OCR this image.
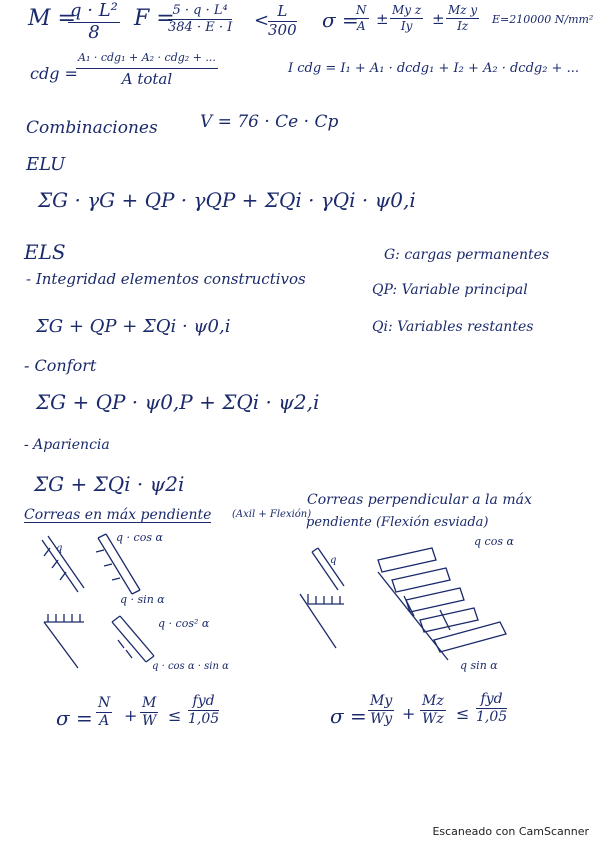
M =
$\frac{\text{q · L²}}{8}$ F =
$\frac{\text{5 · q · L⁴}}{384 \cdot E \cdot I}$ <
$\frac{L}{300}$ σ =
$\frac{N}{A} \pm \frac{\text{My z}}{Iy} \pm \frac{\text{Mz y}}{Iz} E=210000$ N/mm²
cdg =
A₁ · cdg₁ + A₂ · cdg₂ + ...
A total
I cdg = I₁ + A₁ · dcdg₁ + I₂ + A₂ · dcdg₂ + ...
Combinaciones V = 76 · Ce · Cp
ELU
ΣG · γG + QP · γQP + ΣQi · γQi · ψ0,i
ELS
- Integridad elementos constructivos
ΣG + QP + ΣQi · ψ0,i
- Confort
ΣG + QP · ψ0,P + ΣQi · ψ2,i
- Apariencia
ΣG + ΣQi · ψ2i
G: cargas permanentes
QP: Variable principal
Qi: Variables restantes
Correas en máx pendiente (Axil + Flexión)
Correas perpendicular a la máx
pendiente (Flexión esviada)
q
q · cos α
q · sin α
q · cos² α
q · cos α · sin α
q
q cos α
q sin α
$\sigma = \frac{N}{A} + \frac{M}{W}$ ≤
fyd
1,05	$\sigma = \frac{My}{Wy} + \frac{Mz}{Wz}$ ≤
fyd
1,05
Escaneado con CamScanner
